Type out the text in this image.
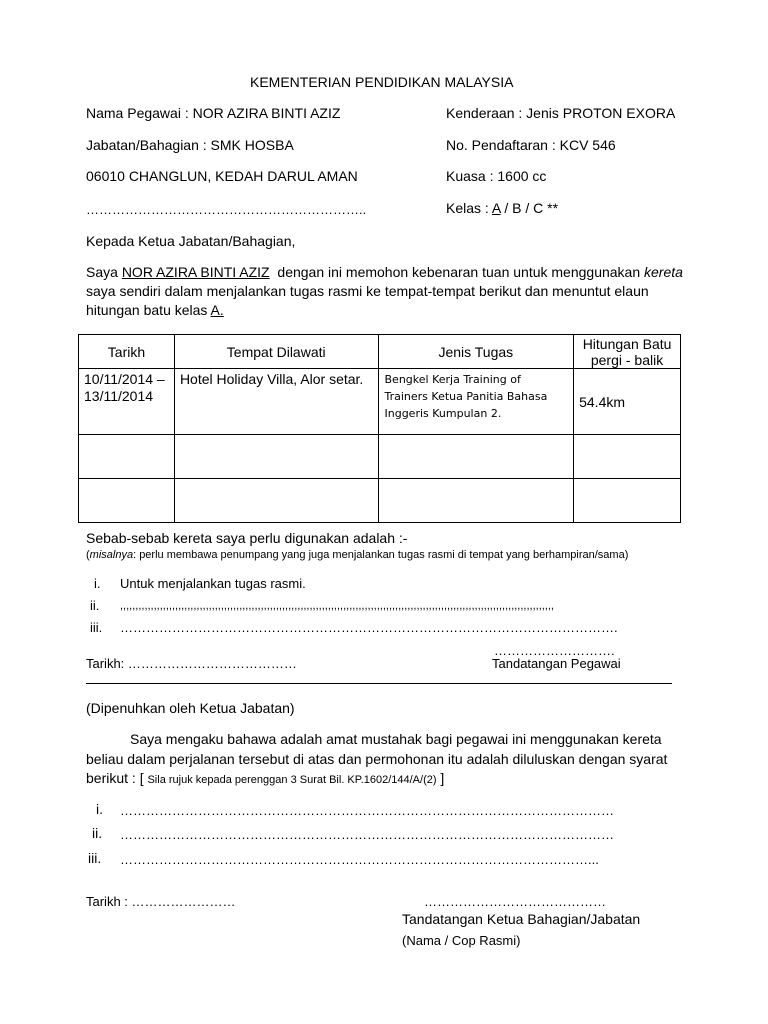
KEMENTERIAN PENDIDIKAN MALAYSIA
Nama Pegawai : NOR AZIRA BINTI AZIZ
Jabatan/Bahagian : SMK HOSBA
06010 CHANGLUN, KEDAH DARUL AMAN
………………………………………………………..
Kenderaan : Jenis PROTON EXORA
No. Pendaftaran : KCV 546
Kuasa : 1600 cc
Kelas : A / B / C **
Kepada Ketua Jabatan/Bahagian,
Saya NOR AZIRA BINTI AZIZ  dengan ini memohon kebenaran tuan untuk menggunakan kereta
saya sendiri dalam menjalankan tugas rasmi ke tempat-tempat berikut dan menuntut elaun
hitungan batu kelas A.
Tarikh	Tempat Dilawati	Jenis Tugas	Hitungan Batu pergi - balik
10/11/2014 – 13/11/2014	Hotel Holiday Villa, Alor setar.	Bengkel Kerja Training of Trainers Ketua Panitia Bahasa Inggeris Kumpulan 2.	54.4km

Sebab-sebab kereta saya perlu digunakan adalah :-
(misalnya: perlu membawa penumpang yang juga menjalankan tugas rasmi di tempat yang berhampiran/sama)
i. Untuk menjalankan tugas rasmi.
ii. ,,,,,,,,,,,,,,,,,,,,,,,,,,,,,,,,,,,,,,,,,,,,,,,,,,,,,,,,,,,,,,,,,,,,,,,,,,,,,,,,,,,,,,,,,,,,,,,,,,,,,,,,,,,,,,,,,,,,,,,,,,,,,,,,,,,,,,,,,,,,,,
iii. …………………………………………………………………………………………………….
……………………….
Tarikh: …………………………………	Tandatangan Pegawai
(Dipenuhkan oleh Ketua Jabatan)
Saya mengaku bahawa adalah amat mustahak bagi pegawai ini menggunakan kereta
beliau dalam perjalanan tersebut di atas dan permohonan itu adalah diluluskan dengan syarat
berikut : [ Sila rujuk kepada perenggan 3 Surat Bil. KP.1602/144/A/(2) ]
i. ……………………………………………………………………………………………………
ii. ……………………………………………………………………………………………………
iii. ………………………………………………………………………………………………...
Tarikh : ……………………	……………………………………
Tandatangan Ketua Bahagian/Jabatan
(Nama / Cop Rasmi)
